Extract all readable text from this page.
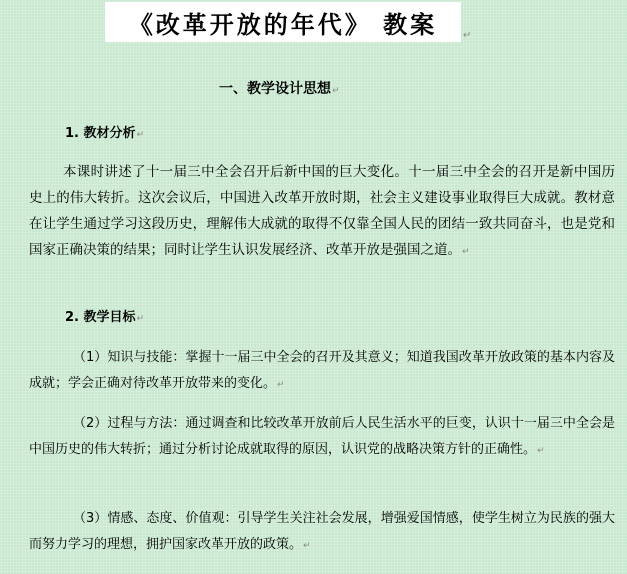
《改革开放的年代》 教案	↵
一、教学设计思想↵
1. 教材分析↵

本课时讲述了十一届三中全会召开后新中国的巨大变化。十一届三中全会的召开是新中国历史上的伟大转折。这次会议后，中国进入改革开放时期，社会主义建设事业取得巨大成就。教材意在让学生通过学习这段历史，理解伟大成就的取得不仅靠全国人民的团结一致共同奋斗，也是党和国家正确决策的结果；同时让学生认识发展经济、改革开放是强国之道。↵

2. 教学目标↵

（1）知识与技能：掌握十一届三中全会的召开及其意义；知道我国改革开放政策的基本内容及成就；学会正确对待改革开放带来的变化。↵

（2）过程与方法：通过调查和比较改革开放前后人民生活水平的巨变，认识十一届三中全会是中国历史的伟大转折；通过分析讨论成就取得的原因，认识党的战略决策方针的正确性。↵

（3）情感、态度、价值观：引导学生关注社会发展，增强爱国情感，使学生树立为民族的强大而努力学习的理想，拥护国家改革开放的政策。↵
